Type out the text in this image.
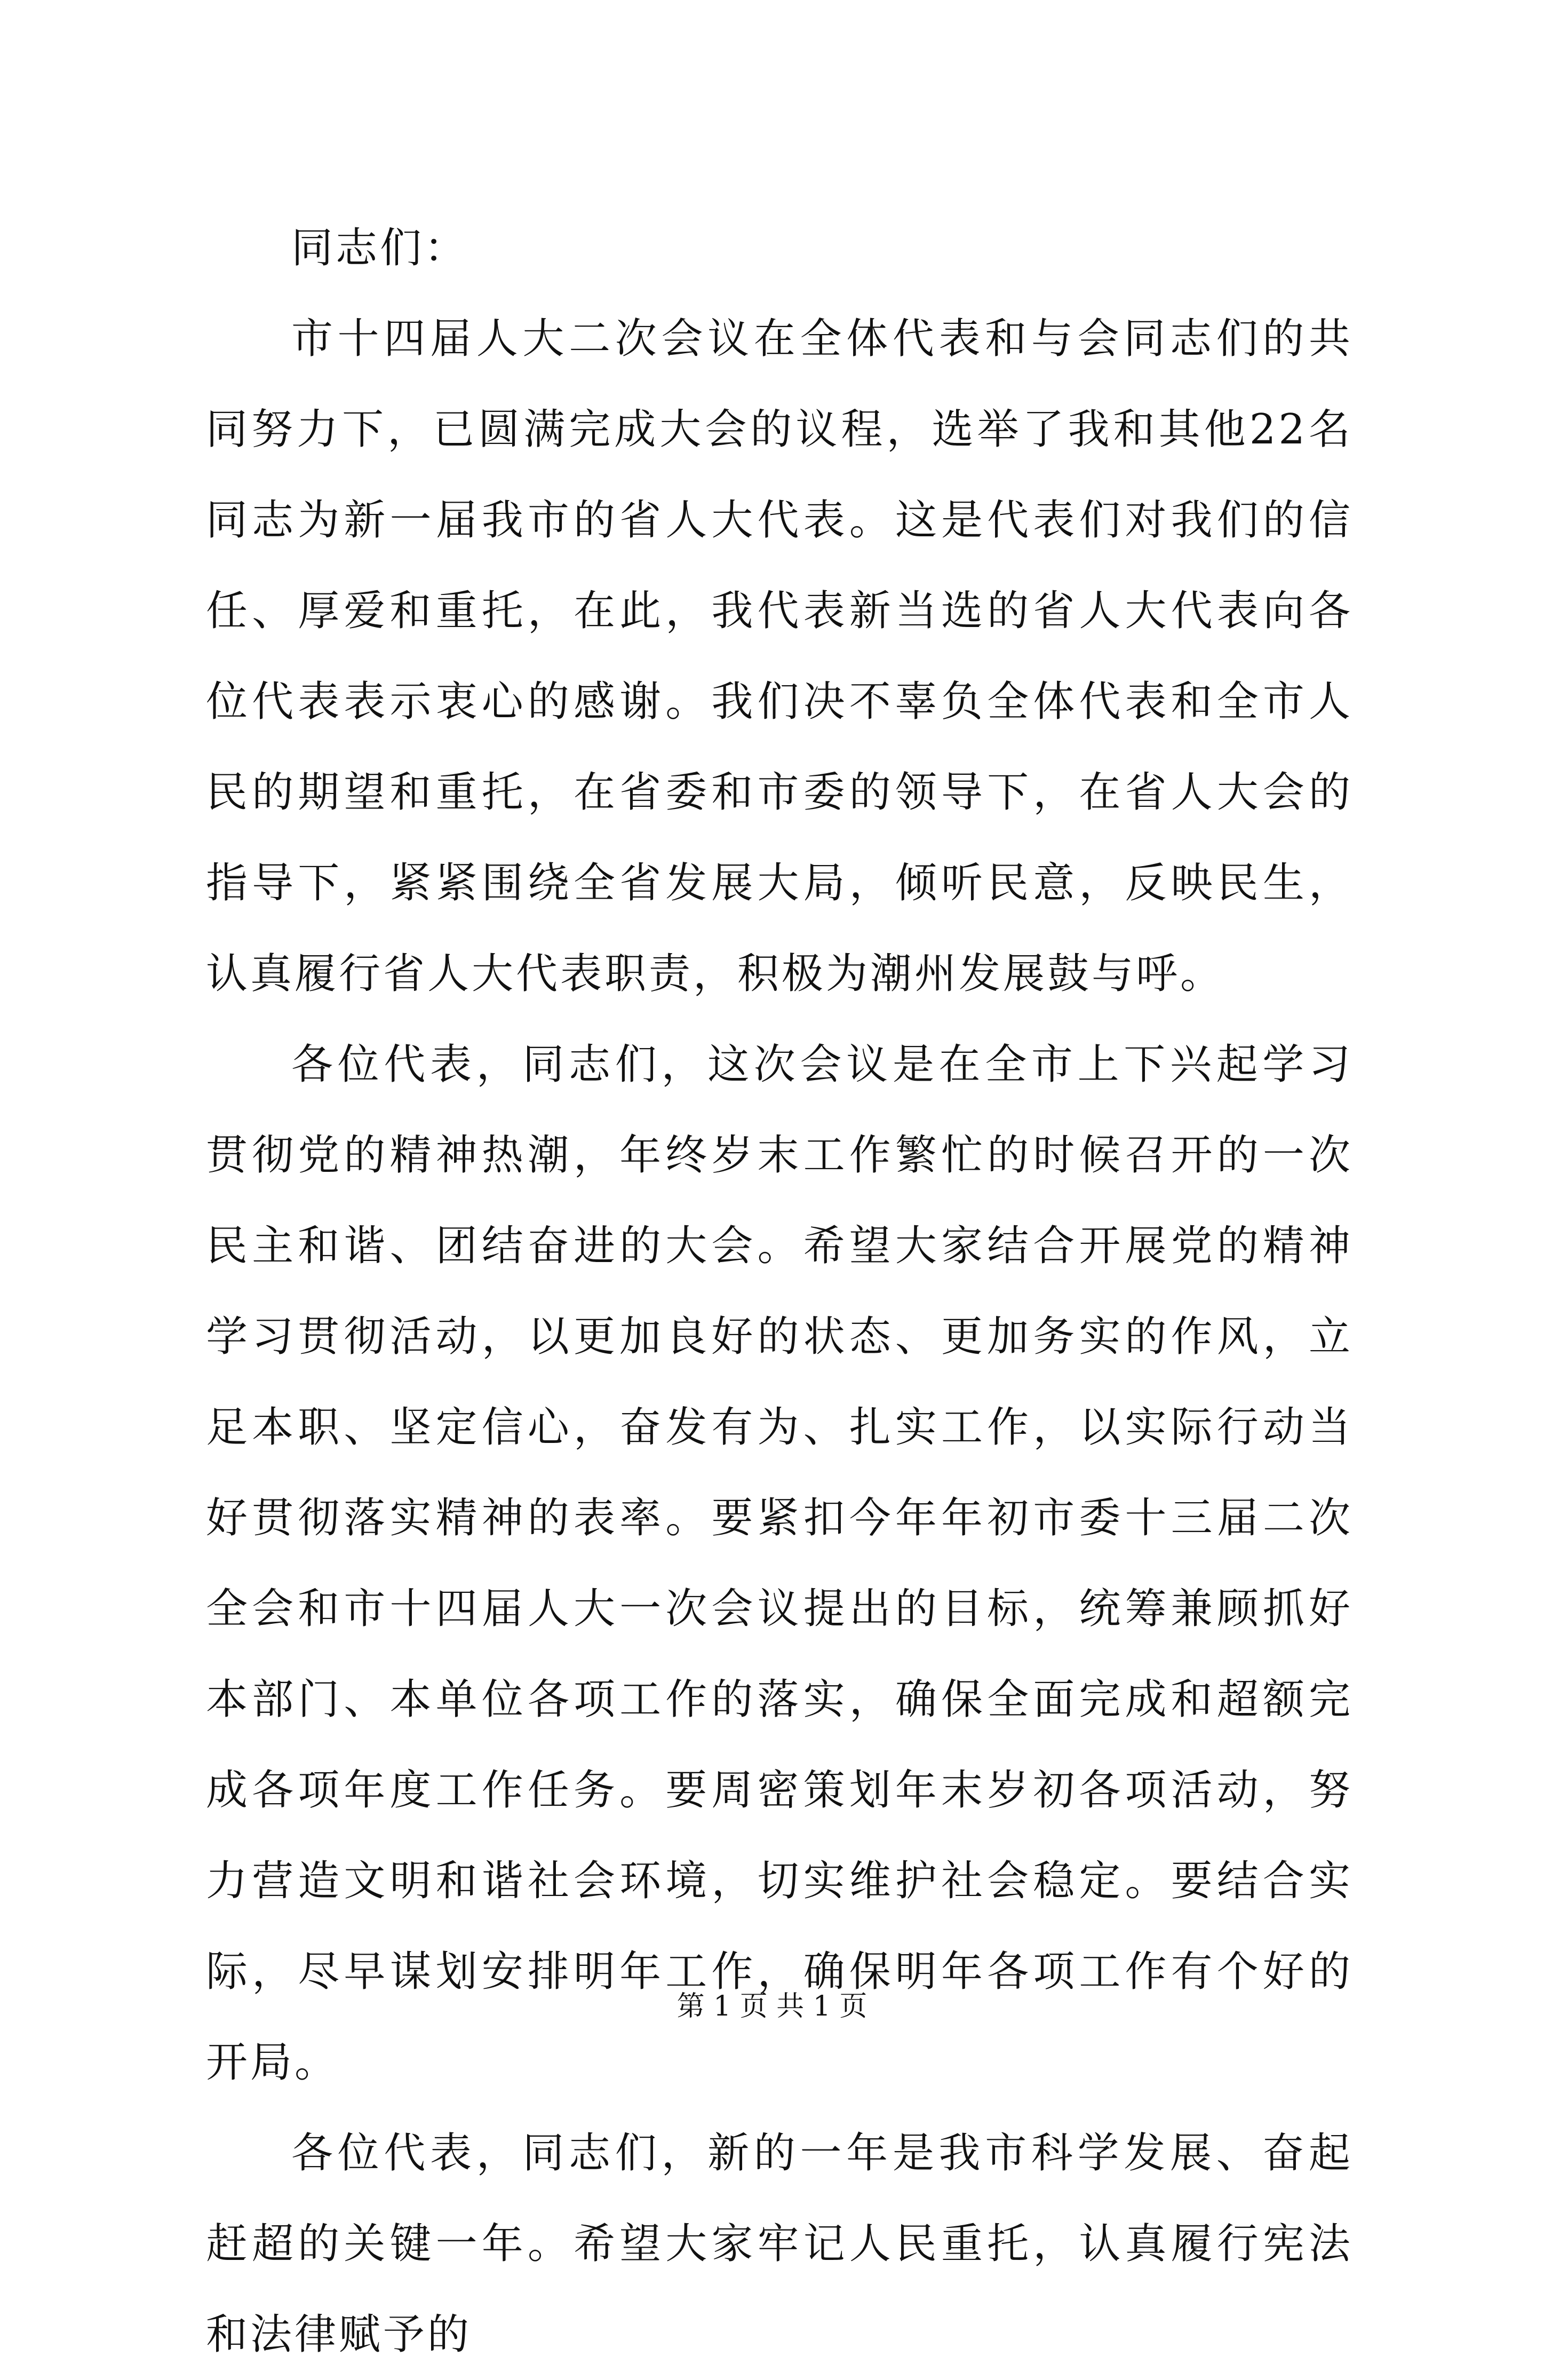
同志们：

市十四届人大二次会议在全体代表和与会同志们的共同努力下，已圆满完成大会的议程，选举了我和其他22名同志为新一届我市的省人大代表。这是代表们对我们的信任、厚爱和重托，在此，我代表新当选的省人大代表向各位代表表示衷心的感谢。我们决不辜负全体代表和全市人民的期望和重托，在省委和市委的领导下，在省人大会的指导下，紧紧围绕全省发展大局，倾听民意，反映民生，认真履行省人大代表职责，积极为潮州发展鼓与呼。

各位代表，同志们，这次会议是在全市上下兴起学习贯彻党的精神热潮，年终岁末工作繁忙的时候召开的一次民主和谐、团结奋进的大会。希望大家结合开展党的精神学习贯彻活动，以更加良好的状态、更加务实的作风，立足本职、坚定信心，奋发有为、扎实工作，以实际行动当好贯彻落实精神的表率。要紧扣今年年初市委十三届二次全会和市十四届人大一次会议提出的目标，统筹兼顾抓好本部门、本单位各项工作的落实，确保全面完成和超额完成各项年度工作任务。要周密策划年末岁初各项活动，努力营造文明和谐社会环境，切实维护社会稳定。要结合实际，尽早谋划安排明年工作，确保明年各项工作有个好的开局。

各位代表，同志们，新的一年是我市科学发展、奋起赶超的关键一年。希望大家牢记人民重托，认真履行宪法和法律赋予的

第 1 页 共 1 页
